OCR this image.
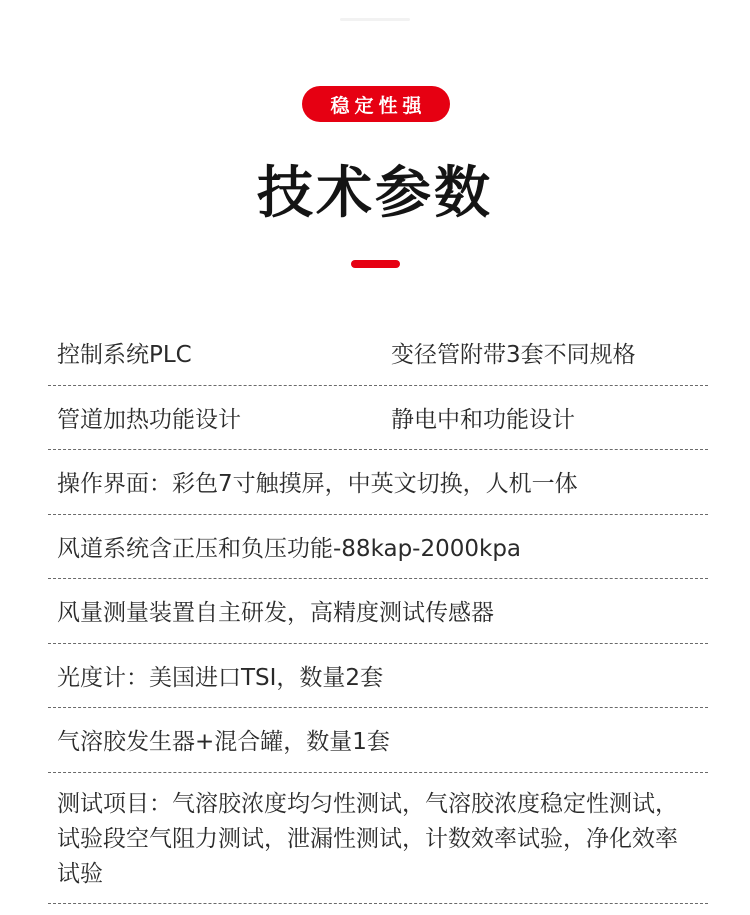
稳定性强
技术参数
控制系统PLC	变径管附带3套不同规格
管道加热功能设计	静电中和功能设计
操作界面：彩色7寸触摸屏，中英文切换，人机一体
风道系统含正压和负压功能-88kap-2000kpa
风量测量装置自主研发，高精度测试传感器
光度计：美国进口TSI，数量2套
气溶胶发生器+混合罐，数量1套
测试项目：气溶胶浓度均匀性测试，气溶胶浓度稳定性测试，试验段空气阻力测试，泄漏性测试，计数效率试验，净化效率试验
